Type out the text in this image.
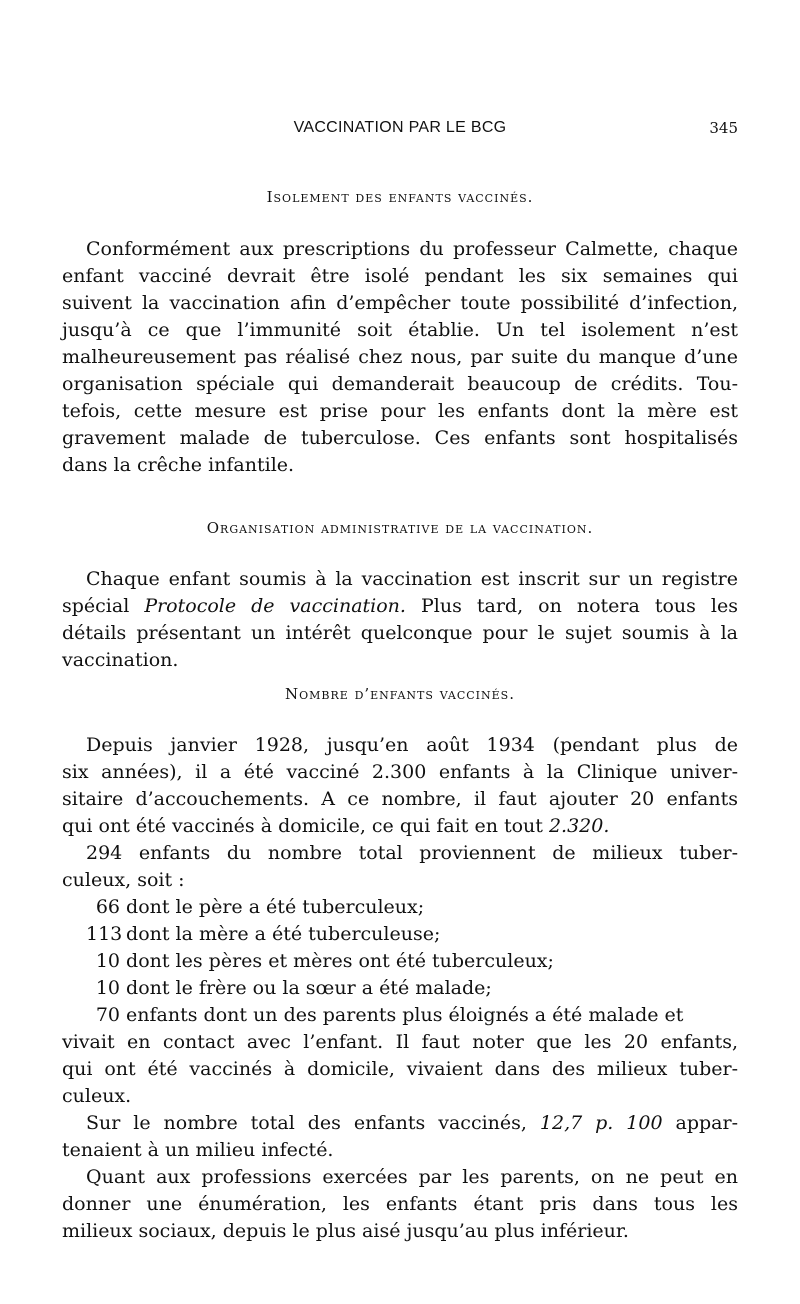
VACCINATION PAR LE BCG	345
Isolement des enfants vaccinés.

Conformément aux prescriptions du professeur Calmette, chaque

enfant vacciné devrait être isolé pendant les six semaines qui

suivent la vaccination afin d’empêcher toute possibilité d’infection,

jusqu’à ce que l’immunité soit établie. Un tel isolement n’est

malheureusement pas réalisé chez nous, par suite du manque d’une

organisation spéciale qui demanderait beaucoup de crédits. Tou-

tefois, cette mesure est prise pour les enfants dont la mère est

gravement malade de tuberculose. Ces enfants sont hospitalisés

dans la crêche infantile.

Organisation administrative de la vaccination.

Chaque enfant soumis à la vaccination est inscrit sur un registre

spécial Protocole de vaccination. Plus tard, on notera tous les

détails présentant un intérêt quelconque pour le sujet soumis à la

vaccination.

Nombre d’enfants vaccinés.

Depuis janvier 1928, jusqu’en août 1934 (pendant plus de

six années), il a été vacciné 2.300 enfants à la Clinique univer-

sitaire d’accouchements. A ce nombre, il faut ajouter 20 enfants

qui ont été vaccinés à domicile, ce qui fait en tout 2.320.

294 enfants du nombre total proviennent de milieux tuber-

culeux, soit :

66 dont le père a été tuberculeux;

113 dont la mère a été tuberculeuse;

10 dont les pères et mères ont été tuberculeux;

10 dont le frère ou la sœur a été malade;

70 enfants dont un des parents plus éloignés a été malade et

vivait en contact avec l’enfant. Il faut noter que les 20 enfants,

qui ont été vaccinés à domicile, vivaient dans des milieux tuber-

culeux.

Sur le nombre total des enfants vaccinés, 12,7 p. 100 appar-

tenaient à un milieu infecté.

Quant aux professions exercées par les parents, on ne peut en

donner une énumération, les enfants étant pris dans tous les

milieux sociaux, depuis le plus aisé jusqu’au plus inférieur.
